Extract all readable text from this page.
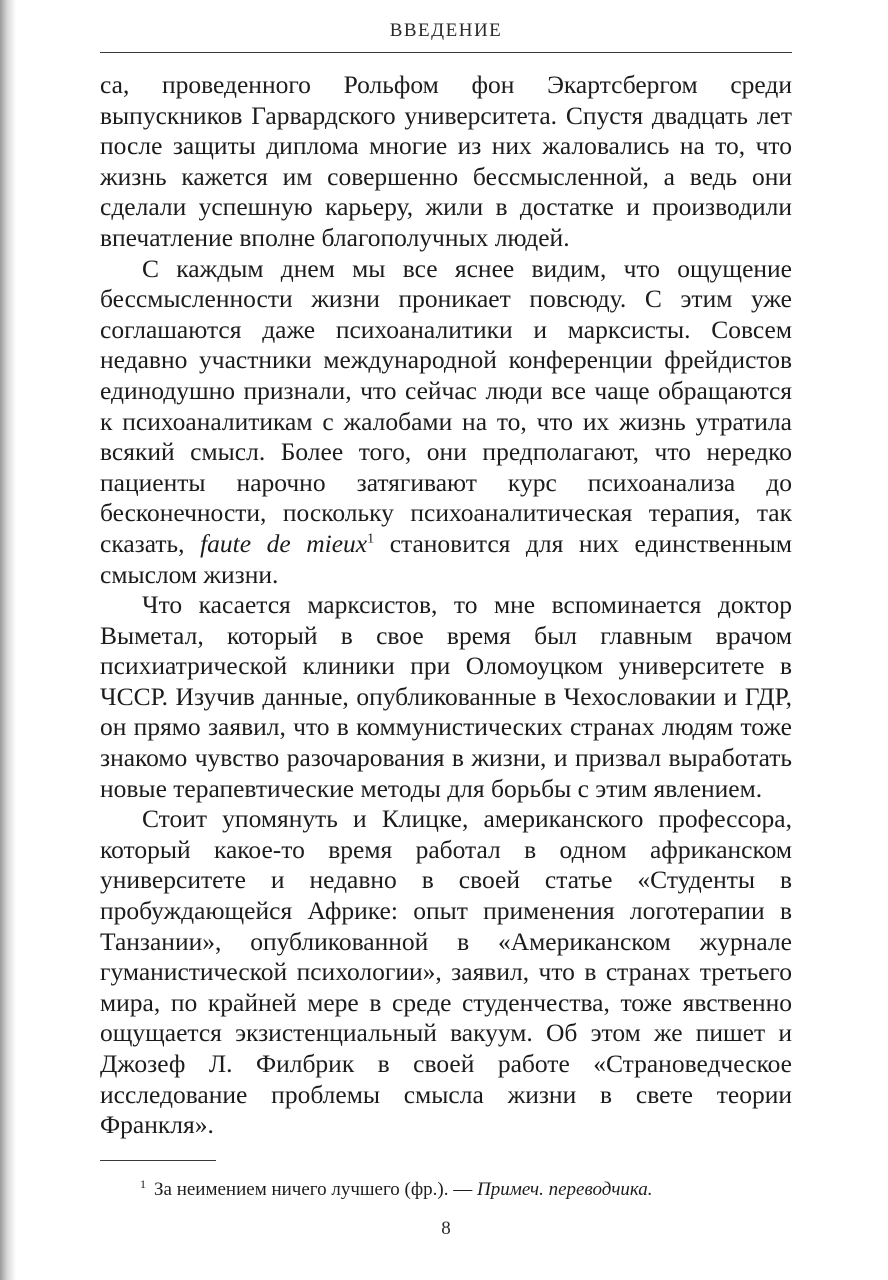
ВВЕДЕНИЕ

са, проведенного Рольфом фон Экартсбергом среди выпускников Гарвардского университета. Спустя двадцать лет после защиты диплома многие из них жаловались на то, что жизнь кажется им совершенно бессмысленной, а ведь они сделали успешную карьеру, жили в достатке и производили впечатление вполне благополучных людей.

С каждым днем мы все яснее видим, что ощущение бессмысленности жизни проникает повсюду. С этим уже соглашаются даже психоаналитики и марксисты. Совсем недавно участники международной конференции фрейдистов единодушно признали, что сейчас люди все чаще обращаются к психоаналитикам с жалобами на то, что их жизнь утратила всякий смысл. Более того, они предполагают, что нередко пациенты нарочно затягивают курс психоанализа до бесконечности, поскольку психоаналитическая терапия, так сказать, faute de mieux$^1$ становится для них единственным смыслом жизни.

Что касается марксистов, то мне вспоминается доктор Выметал, который в свое время был главным врачом психиатрической клиники при Оломоуцком университете в ЧССР. Изучив данные, опубликованные в Чехословакии и ГДР, он прямо заявил, что в коммунистических странах людям тоже знакомо чувство разочарования в жизни, и призвал выработать новые терапевтические методы для борьбы с этим явлением.

Стоит упомянуть и Клицке, американского профессора, который какое-то время работал в одном африканском университете и недавно в своей статье «Студенты в пробуждающейся Африке: опыт применения логотерапии в Танзании», опубликованной в «Американском журнале гуманистической психологии», заявил, что в странах третьего мира, по крайней мере в среде студенчества, тоже явственно ощущается экзистенциальный вакуум. Об этом же пишет и Джозеф Л. Филбрик в своей работе «Страноведческое исследование проблемы смысла жизни в свете теории Франкля».

$^1$ За неимением ничего лучшего (фр.). — Примеч. переводчика.
8
